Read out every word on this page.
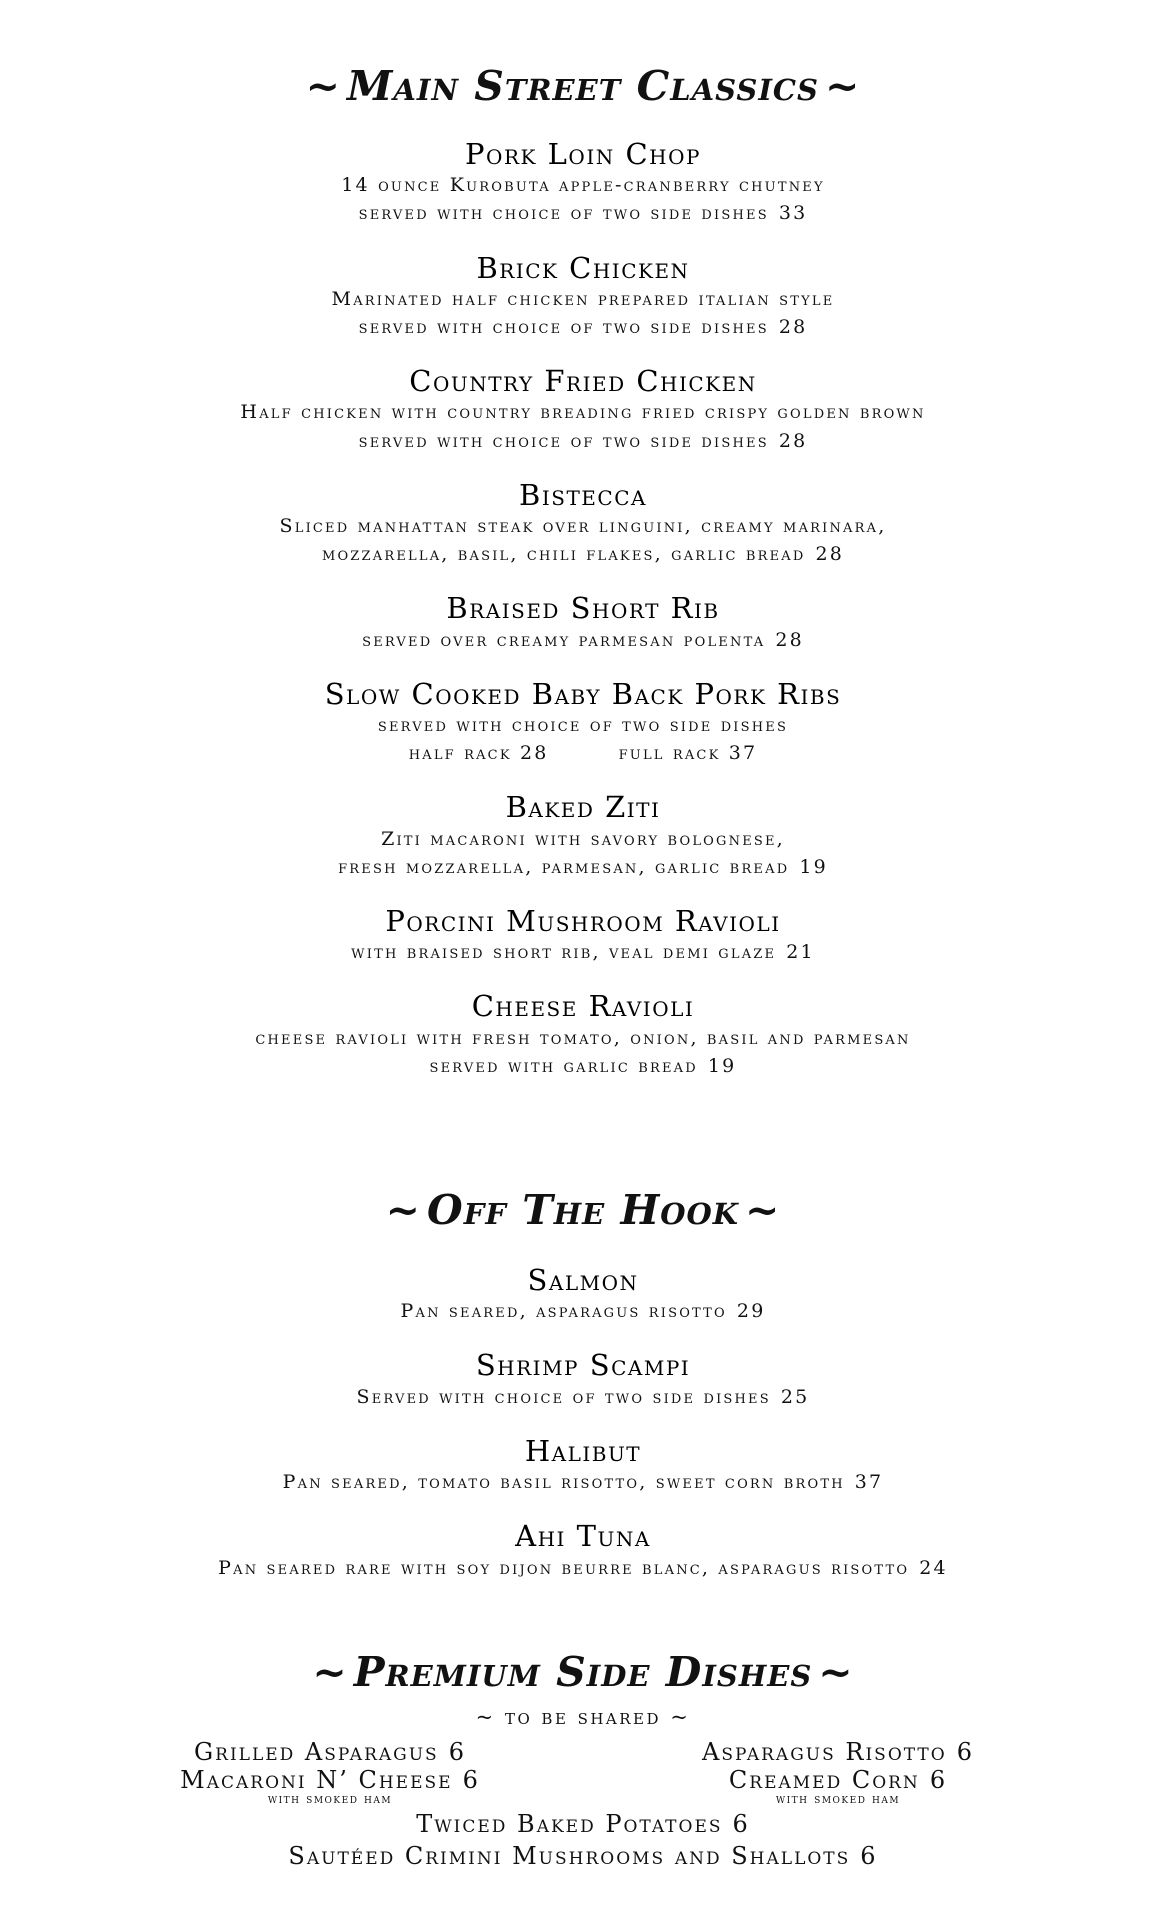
~ Main Street Classics ~
Pork Loin Chop
14 ounce Kurobuta apple-cranberry chutney
served with choice of two side dishes 33
Brick Chicken
Marinated half chicken prepared italian style
served with choice of two side dishes 28
Country Fried Chicken
Half chicken with country breading fried crispy golden brown
served with choice of two side dishes 28
Bistecca
Sliced manhattan steak over linguini, creamy marinara,
mozzarella, basil, chili flakes, garlic bread 28
Braised Short Rib
served over creamy parmesan polenta 28
Slow Cooked Baby Back Pork Ribs
served with choice of two side dishes
half rack 28	full rack 37
Baked Ziti
Ziti macaroni with savory bolognese,
fresh mozzarella, parmesan, garlic bread 19
Porcini Mushroom Ravioli
with braised short rib, veal demi glaze 21
Cheese Ravioli
cheese ravioli with fresh tomato, onion, basil and parmesan
served with garlic bread 19
~ Off The Hook ~
Salmon
Pan seared, asparagus risotto 29
Shrimp Scampi
Served with choice of two side dishes 25
Halibut
Pan seared, tomato basil risotto, sweet corn broth 37
Ahi Tuna
Pan seared rare with soy dijon beurre blanc, asparagus risotto 24
~ Premium Side Dishes ~
~ to be shared ~
Grilled Asparagus 6	Asparagus Risotto 6
Macaroni N’ Cheese 6
with smoked ham
Creamed Corn 6
with smoked ham
Twiced Baked Potatoes 6
Sautéed Crimini Mushrooms and Shallots 6
